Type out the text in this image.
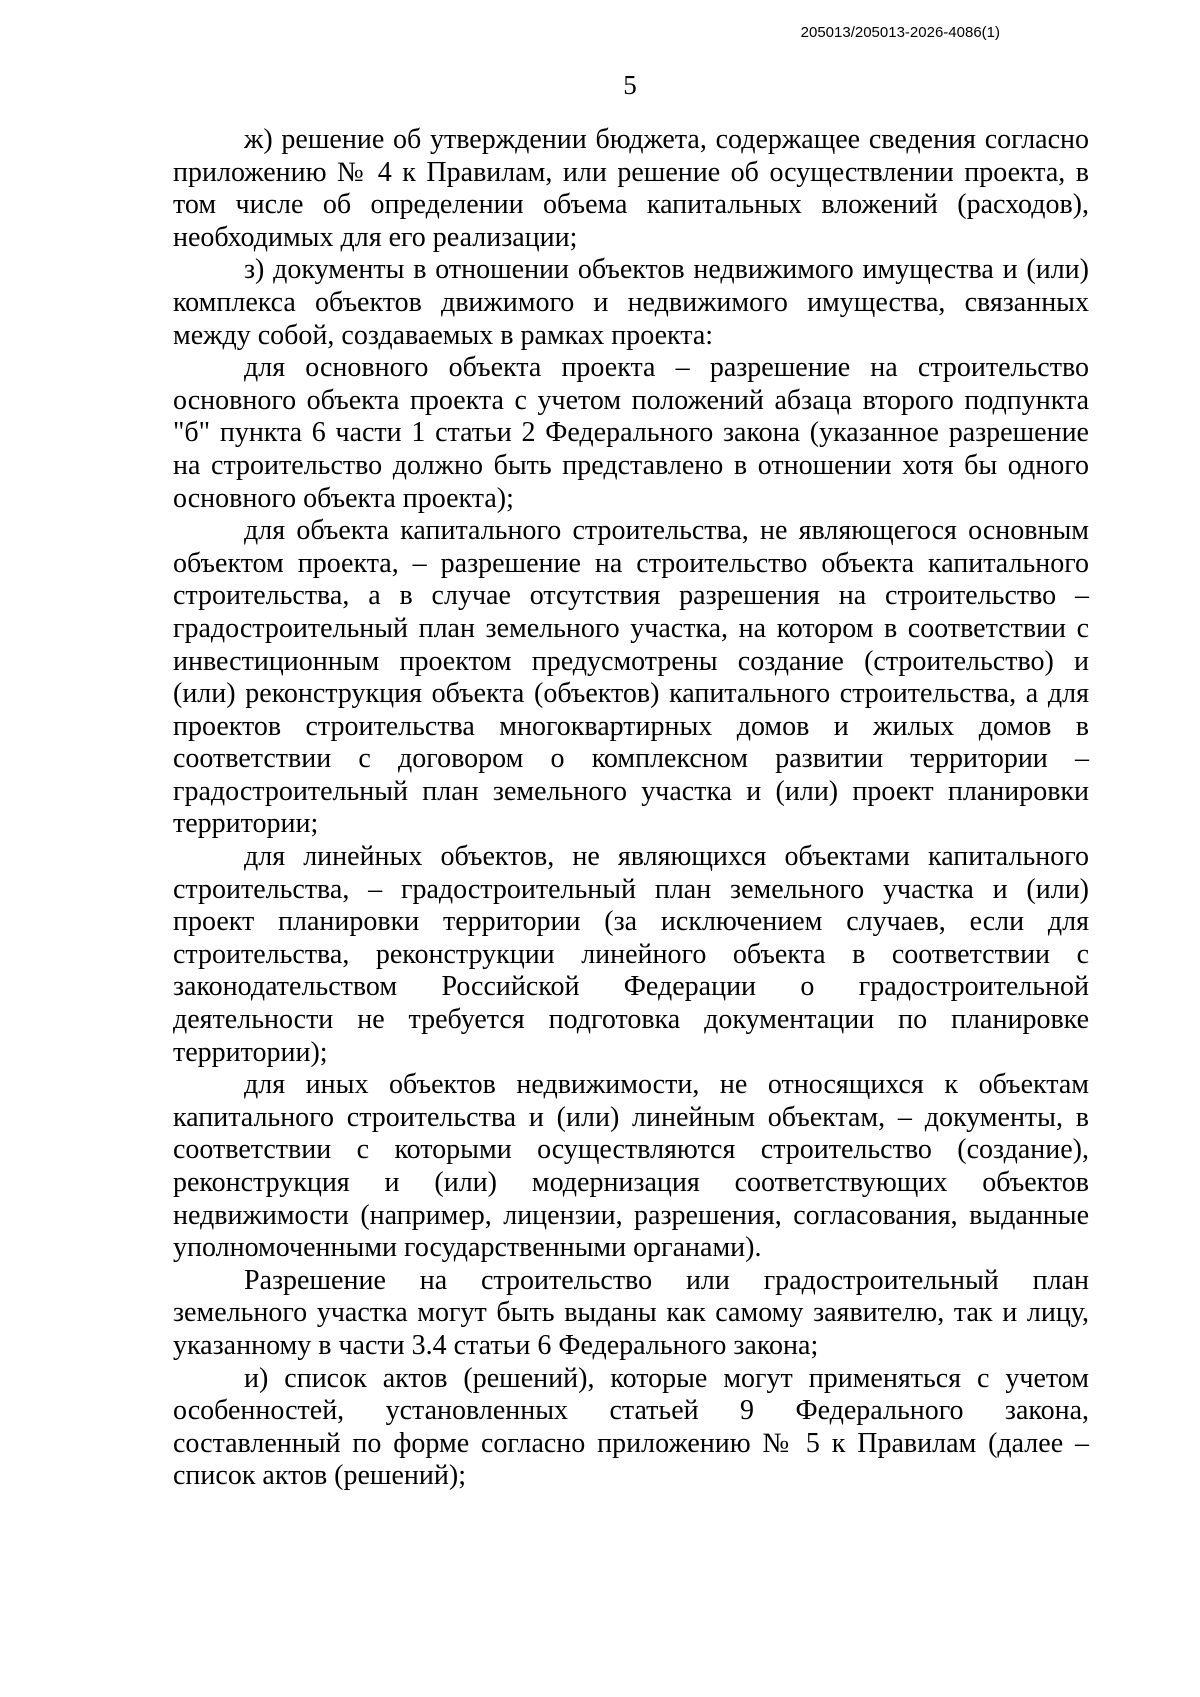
205013/205013-2026-4086(1)
5

ж) решение об утверждении бюджета, содержащее сведения согласно приложению № 4 к Правилам, или решение об осуществлении проекта, в том числе об определении объема капитальных вложений (расходов), необходимых для его реализации;

з) документы в отношении объектов недвижимого имущества и (или) комплекса объектов движимого и недвижимого имущества, связанных между собой, создаваемых в рамках проекта:

для основного объекта проекта – разрешение на строительство основного объекта проекта с учетом положений абзаца второго подпункта "б" пункта 6 части 1 статьи 2 Федерального закона (указанное разрешение на строительство должно быть представлено в отношении хотя бы одного основного объекта проекта);

для объекта капитального строительства, не являющегося основным объектом проекта, – разрешение на строительство объекта капитального строительства, а в случае отсутствия разрешения на строительство – градостроительный план земельного участка, на котором в соответствии с инвестиционным проектом предусмотрены создание (строительство) и (или) реконструкция объекта (объектов) капитального строительства, а для проектов строительства многоквартирных домов и жилых домов в соответствии с договором о комплексном развитии территории – градостроительный план земельного участка и (или) проект планировки территории;

для линейных объектов, не являющихся объектами капитального строительства, – градостроительный план земельного участка и (или) проект планировки территории (за исключением случаев, если для строительства, реконструкции линейного объекта в соответствии с законодательством Российской Федерации о градостроительной деятельности не требуется подготовка документации по планировке территории);

для иных объектов недвижимости, не относящихся к объектам капитального строительства и (или) линейным объектам, – документы, в соответствии с которыми осуществляются строительство (создание), реконструкция и (или) модернизация соответствующих объектов недвижимости (например, лицензии, разрешения, согласования, выданные уполномоченными государственными органами).

Разрешение на строительство или градостроительный план земельного участка могут быть выданы как самому заявителю, так и лицу, указанному в части 3.4 статьи 6 Федерального закона;

и) список актов (решений), которые могут применяться с учетом особенностей, установленных статьей 9 Федерального закона, составленный по форме согласно приложению № 5 к Правилам (далее – список актов (решений);
